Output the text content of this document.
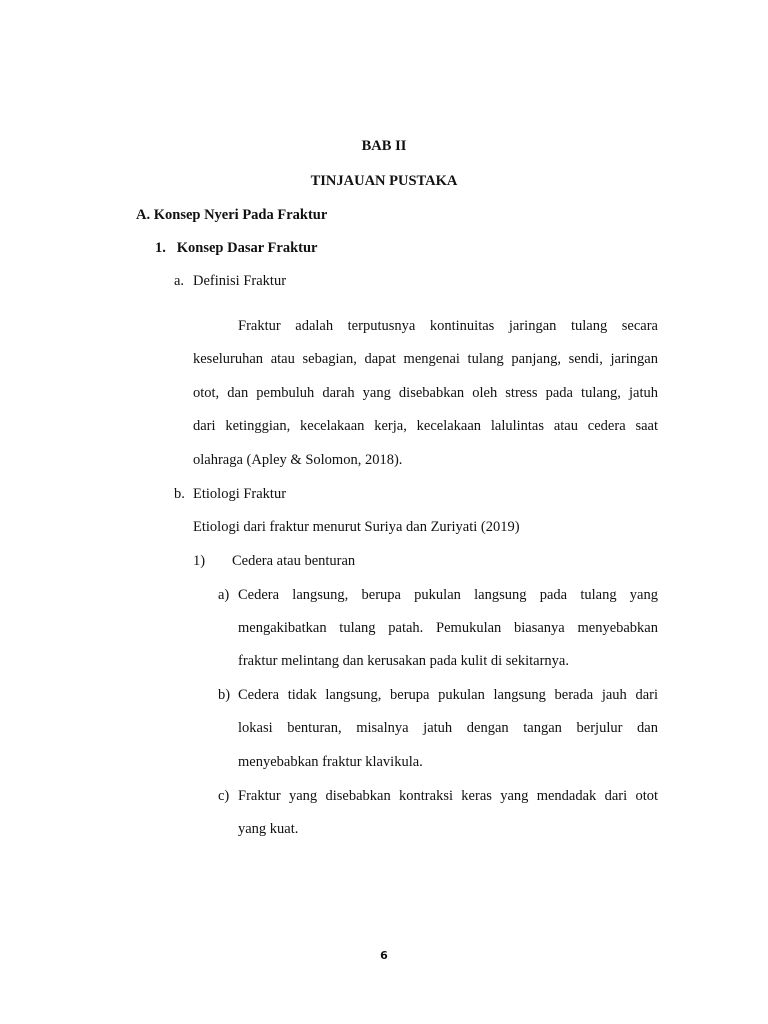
BAB II
TINJAUAN PUSTAKA
A. Konsep Nyeri Pada Fraktur
1.   Konsep Dasar Fraktur
a. Definisi Fraktur
Fraktur adalah terputusnya kontinuitas jaringan tulang secara
keseluruhan atau sebagian, dapat mengenai tulang panjang, sendi, jaringan
otot, dan pembuluh darah yang disebabkan oleh stress pada tulang, jatuh
dari ketinggian, kecelakaan kerja, kecelakaan lalulintas atau cedera saat
olahraga (Apley & Solomon, 2018).
b. Etiologi Fraktur
Etiologi dari fraktur menurut Suriya dan Zuriyati (2019)
1) Cedera atau benturan
a) Cedera langsung, berupa pukulan langsung pada tulang yang
mengakibatkan tulang patah. Pemukulan biasanya menyebabkan
fraktur melintang dan kerusakan pada kulit di sekitarnya.
b) Cedera tidak langsung, berupa pukulan langsung berada jauh dari
lokasi benturan, misalnya jatuh dengan tangan berjulur dan
menyebabkan fraktur klavikula.
c) Fraktur yang disebabkan kontraksi keras yang mendadak dari otot
yang kuat.
6
